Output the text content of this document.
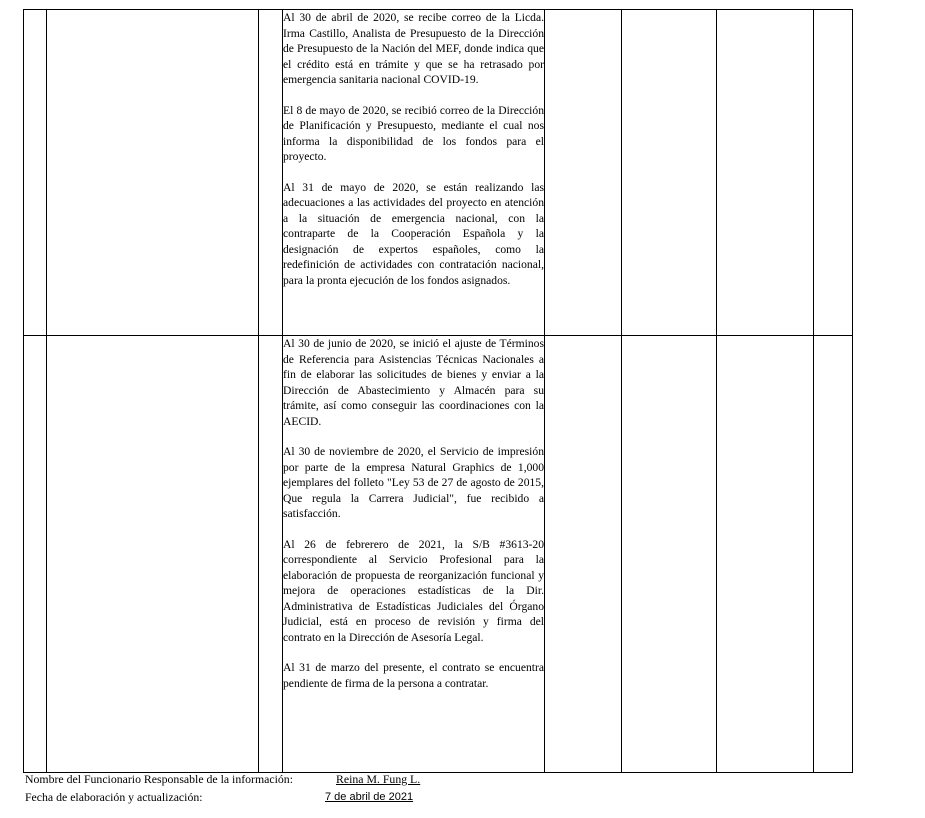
			Al 30 de abril de 2020, se recibe correo de la Licda. Irma Castillo, Analista de Presupuesto de la Dirección de Presupuesto de la Nación del MEF, donde indica que el crédito está en trámite y que se ha retrasado por emergencia sanitaria nacional COVID-19.

El 8 de mayo de 2020, se recibió correo de la Dirección de Planificación y Presupuesto, mediante el cual nos informa la disponibilidad de los fondos para el proyecto.

Al 31 de mayo de 2020, se están realizando las adecuaciones a las actividades del proyecto en atención a la situación de emergencia nacional, con la contraparte de la Cooperación Española y la designación de expertos españoles, como la redefinición de actividades con contratación nacional, para la pronta ejecución de los fondos asignados.				

			Al 30 de junio de 2020, se inició el ajuste de Términos de Referencia para Asistencias Técnicas Nacionales a fin de elaborar las solicitudes de bienes y enviar a la Dirección de Abastecimiento y Almacén para su trámite, así como conseguir las coordinaciones con la AECID.

Al 30 de noviembre de 2020, el Servicio de impresión por parte de la empresa Natural Graphics de 1,000 ejemplares del folleto "Ley 53 de 27 de agosto de 2015, Que regula la Carrera Judicial", fue recibido a satisfacción.

Al 26 de febrerero de 2021, la S/B #3613-20 correspondiente al Servicio Profesional para la elaboración de propuesta de reorganización funcional y mejora de operaciones estadísticas de la Dir. Administrativa de Estadísticas Judiciales del Órgano Judicial, está en proceso de revisión y firma del contrato en la Dirección de Asesoría Legal.

Al 31 de marzo del presente, el contrato se encuentra pendiente de firma de la persona a contratar.				

Nombre del Funcionario Responsable de la información:	Reina M. Fung L.
Fecha de elaboración y actualización:	7 de abril de 2021
